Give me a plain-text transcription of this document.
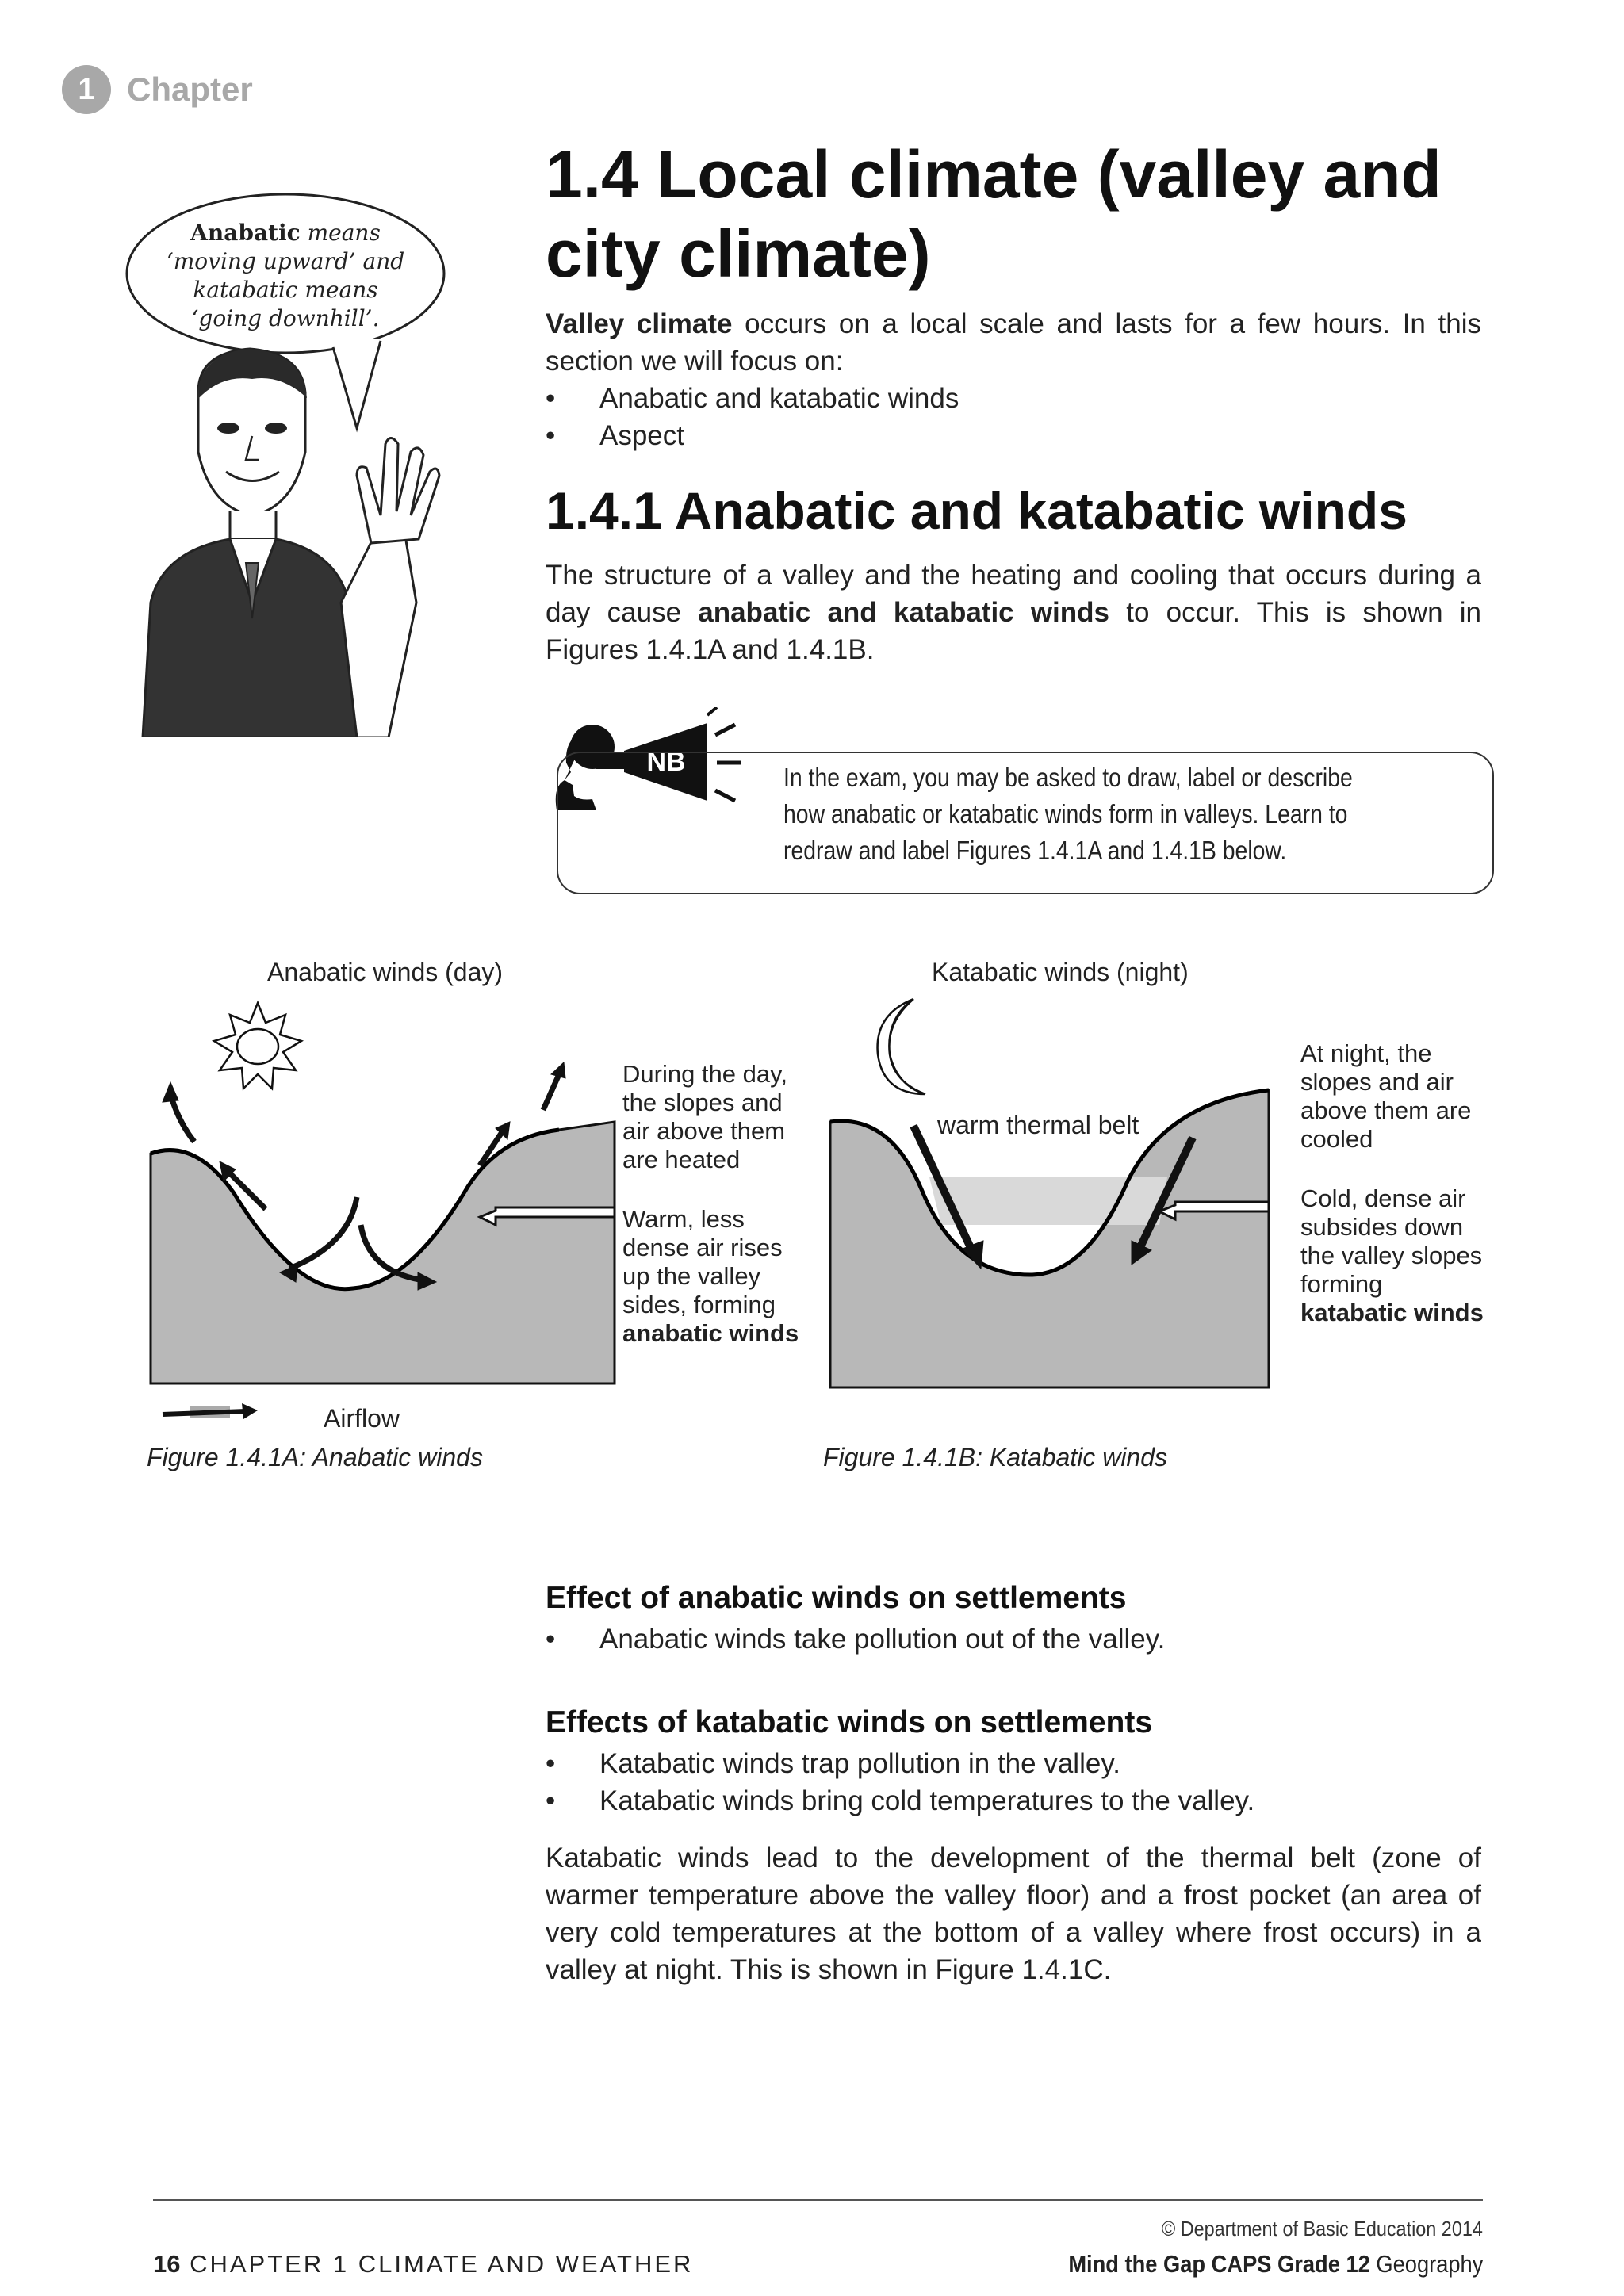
1 Chapter
Anabatic means
‘moving upward’ and
katabatic means
‘going downhill’.
1.4 Local climate (valley and city climate)
Valley climate occurs on a local scale and lasts for a few hours. In this section we will focus on:
• Anabatic and katabatic winds
• Aspect
1.4.1 Anabatic and katabatic winds
The structure of a valley and the heating and cooling that occurs during a day cause anabatic and katabatic winds to occur. This is shown in Figures 1.4.1A and 1.4.1B.
NB
In the exam, you may be asked to draw, label or describe how anabatic or katabatic winds form in valleys. Learn to redraw and label Figures 1.4.1A and 1.4.1B below.
Anabatic winds (day)
Airflow
During the day, the slopes and air above them are heated
Warm, less dense air rises up the valley sides, forming anabatic winds
Figure 1.4.1A: Anabatic winds
Katabatic winds (night)
warm thermal belt
At night, the slopes and air above them are cooled
Cold, dense air subsides down the valley slopes forming katabatic winds
Figure 1.4.1B: Katabatic winds
Effect of anabatic winds on settlements
• Anabatic winds take pollution out of the valley.
Effects of katabatic winds on settlements
• Katabatic winds trap pollution in the valley.
• Katabatic winds bring cold temperatures to the valley.
Katabatic winds lead to the development of the thermal belt (zone of warmer temperature above the valley floor) and a frost pocket (an area of very cold temperatures at the bottom of a valley where frost occurs) in a valley at night. This is shown in Figure 1.4.1C.
© Department of Basic Education 2014
16 CHAPTER 1 CLIMATE AND WEATHER	Mind the Gap CAPS Grade 12 Geography
